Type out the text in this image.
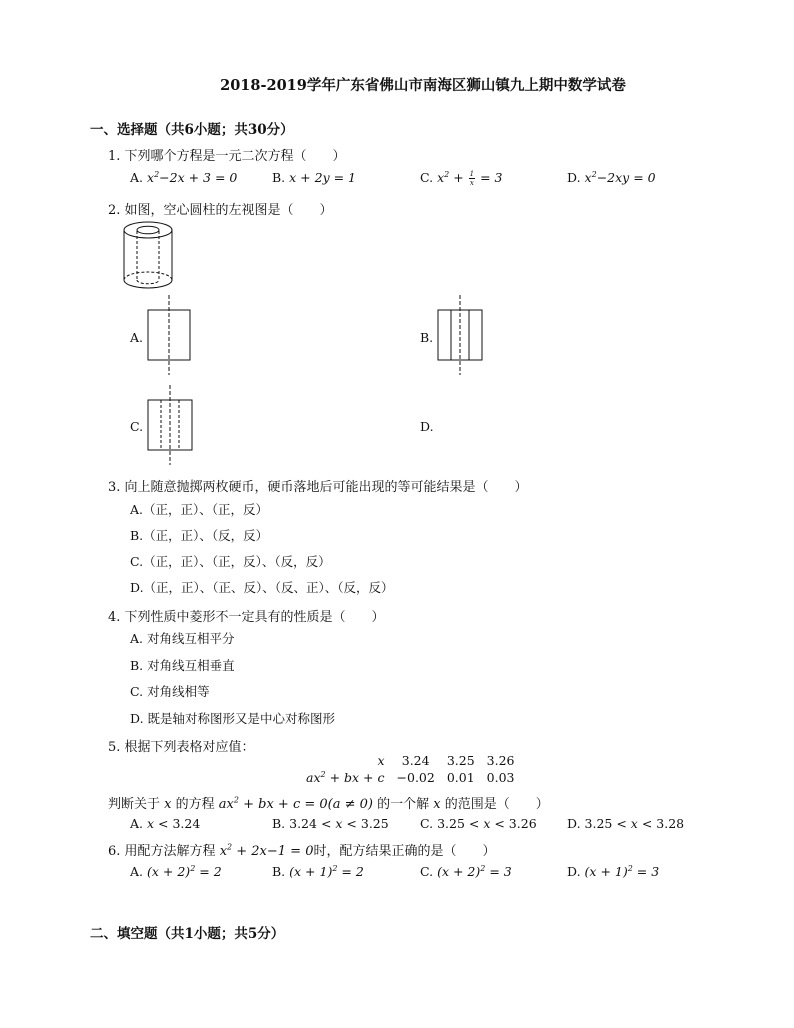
2018-2019学年广东省佛山市南海区狮山镇九上期中数学试卷
一、选择题（共6小题；共30分）
1. 下列哪个方程是一元二次方程（　　）
A. $x^2-2x + 3 = 0$	B. x + 2y = 1	C. $x^2 + \frac{1}{x} = 3$	D. $x^2-2xy = 0$
2. 如图，空心圆柱的左视图是（　　）
A.	B.
C.	D.
3. 向上随意抛掷两枚硬币，硬币落地后可能出现的等可能结果是（　　）
A.（正，正）、（正，反）
B.（正，正）、（反，反）
C.（正，正）、（正，反）、（反，反）
D.（正，正）、（正、反）、（反、正）、（反，反）
4. 下列性质中菱形不一定具有的性质是（　　）
A. 对角线互相平分
B. 对角线互相垂直
C. 对角线相等
D. 既是轴对称图形又是中心对称图形
5. 根据下列表格对应值：
x	3.24	3.25	3.26
$ax^2$ + bx + c	−0.02	0.01	0.03
判断关于 x 的方程 $ax^2$ + bx + c = 0(a ≠ 0) 的一个解 x 的范围是（　　）
A. x < 3.24	B. 3.24 < x < 3.25	C. 3.25 < x < 3.26 D. 3.25 < x < 3.28
6. 用配方法解方程 $x^2 + 2x-1 = 0$时，配方结果正确的是（　　）
A. $(x + 2)^2 = 2$	B. $(x + 1)^2 = 2$	C. $(x + 2)^2 = 3$	D. $(x + 1)^2 = 3$
二、填空题（共1小题；共5分）
